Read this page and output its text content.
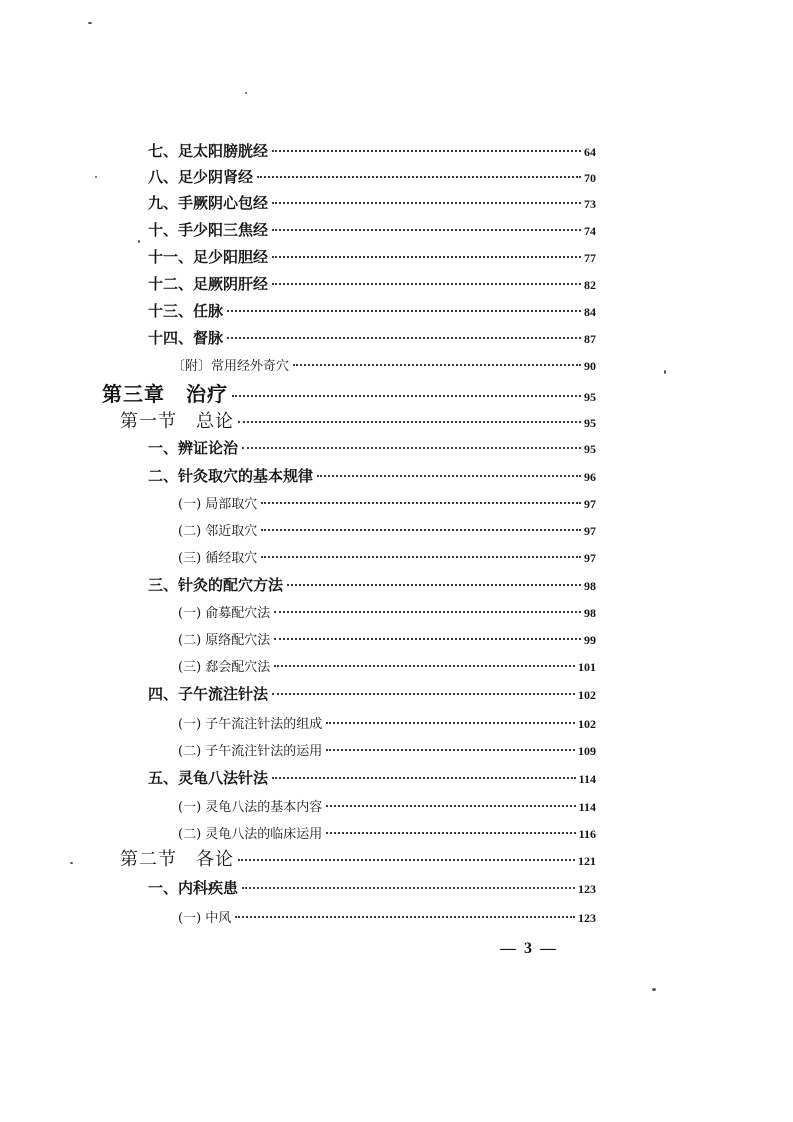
七、足太阳膀胱经	64
八、足少阴肾经	70
九、手厥阴心包经	73
十、手少阳三焦经	74
十一、足少阳胆经	77
十二、足厥阴肝经	82
十三、任脉	84
十四、督脉	87
〔附〕常用经外奇穴	90
第三章　治疗	95
第一节　总论	95
一、辨证论治	95
二、针灸取穴的基本规律	96
(一) 局部取穴	97
(二) 邻近取穴	97
(三) 循经取穴	97
三、针灸的配穴方法	98
(一) 俞募配穴法	98
(二) 原络配穴法	99
(三) 郄会配穴法	101
四、子午流注针法	102
(一) 子午流注针法的组成	102
(二) 子午流注针法的运用	109
五、灵龟八法针法	114
(一) 灵龟八法的基本内容	114
(二) 灵龟八法的临床运用	116
第二节　各论	121
一、内科疾患	123
(一) 中风	123
— 3 —
